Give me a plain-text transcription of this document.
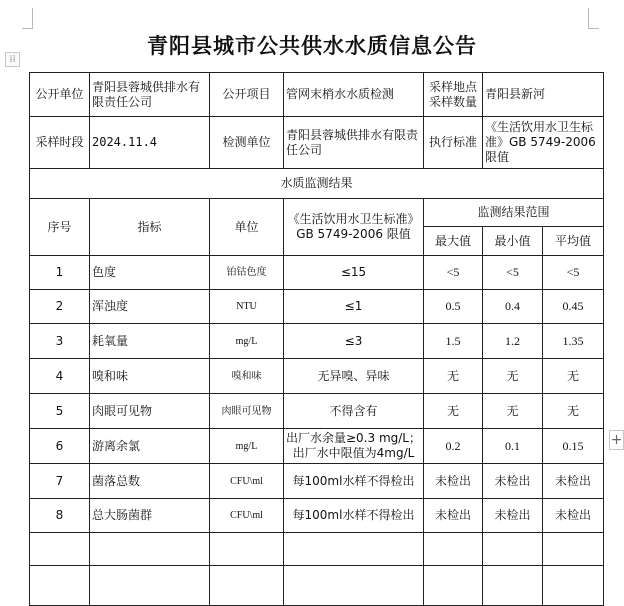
⁞⁞
+
青阳县城市公共供水水质信息公告
公开单位	青阳县蓉城供排水有限责任公司	公开项目	管网末梢水水质检测	采样地点采样数量	青阳县新河	
采样时段	2024.11.4	检测单位	青阳县蓉城供排水有限责任公司	执行标准	《生活饮用水卫生标准》GB 5749-2006 限值	
水质监测结果						
序号	指标	单位	《生活饮用水卫生标准》GB 5749-2006 限值	监测结果范围		
				最大值	最小值	平均值
1	色度	铂钴色度	≤15	<5	<5	<5
2	浑浊度	NTU	≤1	0.5	0.4	0.45
3	耗氧量	mg/L	≤3	1.5	1.2	1.35
4	嗅和味	嗅和味	无异嗅、异味	无	无	无
5	肉眼可见物	肉眼可见物	不得含有	无	无	无
6	游离余氯	mg/L	出厂水余量≥0.3 mg/L；出厂水中限值为4mg/L	0.2	0.1	0.15
7	菌落总数	CFU\ml	每100ml水样不得检出	未检出	未检出	未检出
8	总大肠菌群	CFU\ml	每100ml水样不得检出	未检出	未检出	未检出
